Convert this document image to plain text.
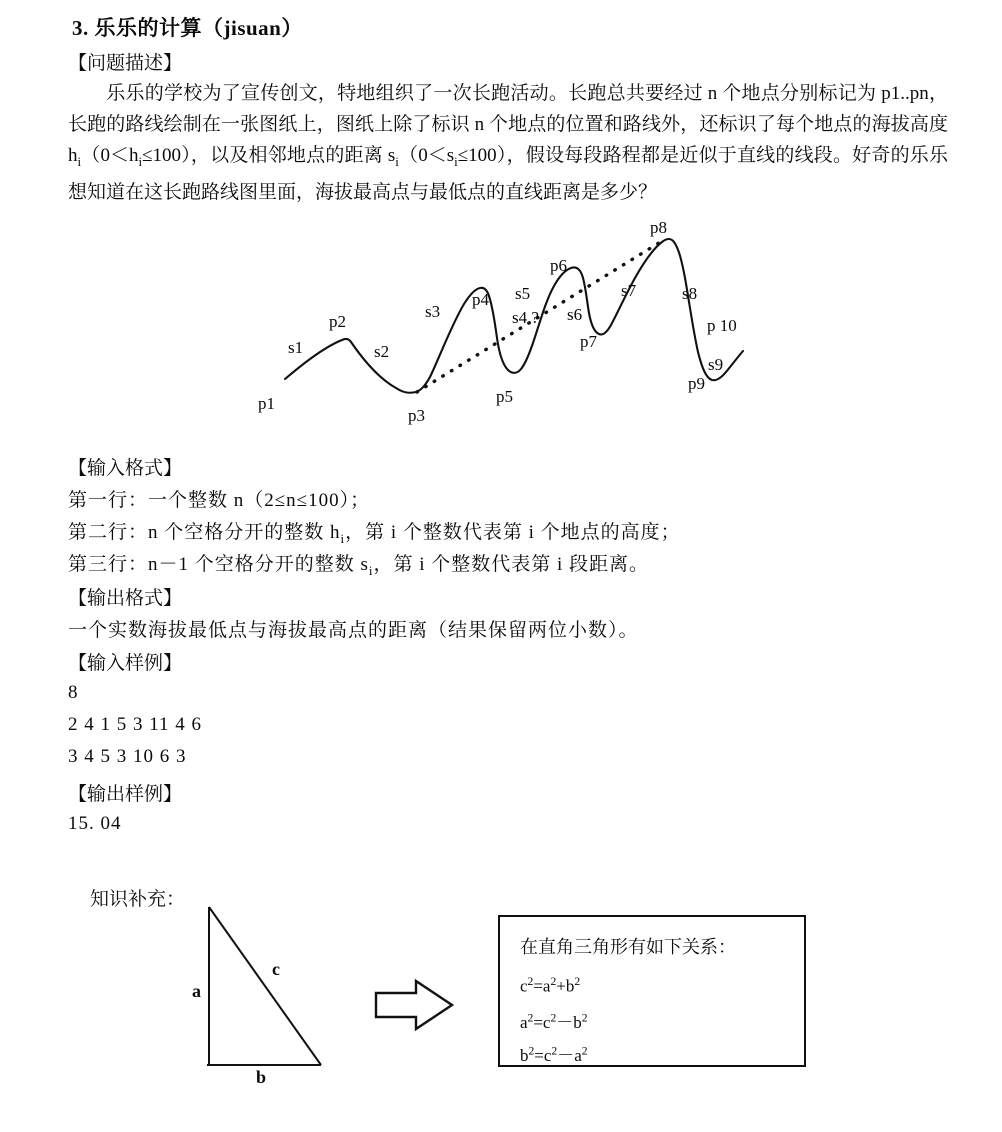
3. 乐乐的计算（jisuan）
【问题描述】
乐乐的学校为了宣传创文，特地组织了一次长跑活动。长跑总共要经过 n 个地点分别标记为 p1..pn，长跑的路线绘制在一张图纸上，图纸上除了标识 n 个地点的位置和路线外，还标识了每个地点的海拔高度 $h_i(0<h_i\le 100)$，以及相邻地点的距离 $s_i(0<s_i\le 100)$，假设每段路程都是近似于直线的线段。好奇的乐乐想知道在这长跑路线图里面，海拔最高点与最低点的直线距离是多少？
p1
p2
p3
p4
p5
p6
p7
p8
p9
p 10
s1	s2
s3	s4 ?
s5
s6
s7	s8
s9
【输入格式】
第一行：一个整数 n（2≤n≤100）；
第二行：n 个空格分开的整数 $h_i$，第 i 个整数代表第 i 个地点的高度；
第三行：n－1 个空格分开的整数 $s_i$，第 i 个整数代表第 i 段距离。
【输出格式】
一个实数海拔最低点与海拔最高点的距离（结果保留两位小数）。
【输入样例】
8
2 4 1 5 3 11 4 6
3 4 5 3 10 6 3
【输出样例】
15. 04
知识补充：
a
b
c
在直角三角形有如下关系：
$c^2=a^2+b^2$
$a^2=c^2-b^2$
$b^2=c^2-a^2$
